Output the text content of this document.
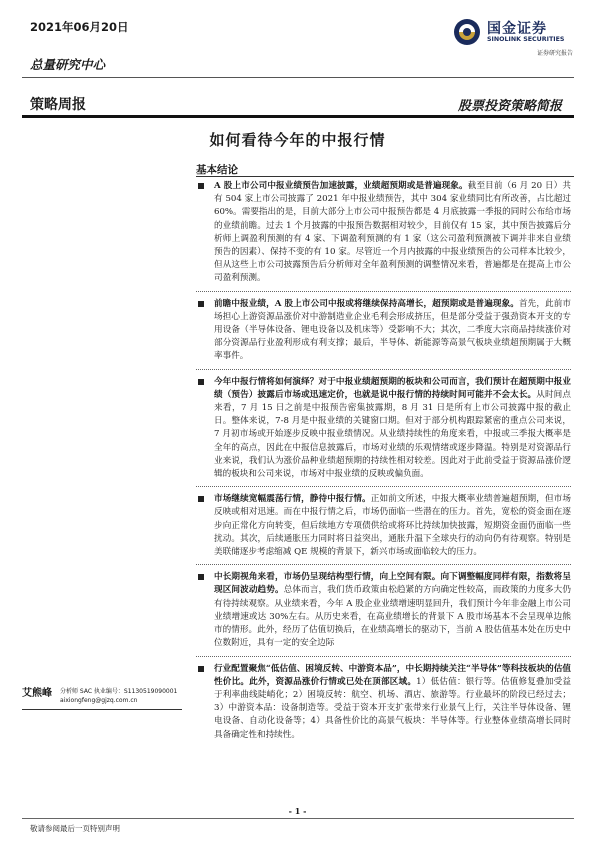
2021年06月20日
总量研究中心
国金证券
SINOLINK SECURITIES
证券研究报告
策略周报	股票投资策略简报
如何看待今年的中报行情
基本结论
A 股上市公司中报业绩预告加速披露，业绩超预期或是普遍现象。截至目前（6 月 20 日）共有 504 家上市公司披露了 2021 年中报业绩预告，其中 304 家业绩同比有所改善，占比超过 60%。需要指出的是，目前大部分上市公司中报预告都是 4 月底披露一季报的同时公布给市场的业绩前瞻。过去 1 个月披露的中报预告数据相对较少，目前仅有 15 家，其中预告披露后分析师上调盈利预测的有 4 家、下调盈利预测的有 1 家（这公司盈利预测被下调并非来自业绩预告的因素）、保持不变的有 10 家。尽管近一个月内披露的中报业绩预告的公司样本比较少，但从这些上市公司披露预告后分析师对全年盈利预测的调整情况来看，普遍都是在提高上市公司盈利预测。
前瞻中报业绩，A 股上市公司中报或将继续保持高增长，超预期或是普遍现象。首先，此前市场担心上游资源品涨价对中游制造业企业毛利会形成挤压，但是部分受益于强劲资本开支的专用设备（半导体设备、锂电设备以及机床等）受影响不大；其次，二季度大宗商品持续涨价对部分资源品行业盈利形成有利支撑；最后，半导体、新能源等高景气板块业绩超预期属于大概率事件。
今年中报行情将如何演绎？对于中报业绩超预期的板块和公司而言，我们预计在超预期中报业绩（预告）披露后市场或迅速定价，也就是说中报行情的持续时间可能并不会太长。从时间点来看，7 月 15 日之前是中报预告密集披露期，8 月 31 日是所有上市公司披露中报的截止日。整体来说，7-8 月是中报业绩的关键窗口期。但对于部分机构跟踪紧密的重点公司来说，7 月初市场或开始逐步反映中报业绩情况。从业绩持续性的角度来看，中报或三季报大概率是全年的高点，因此在中报信息披露后，市场对业绩的乐观情绪或逐步降温。特别是对资源品行业来说，我们认为涨价品种业绩超预期的持续性相对较差。因此对于此前受益于资源品涨价逻辑的板块和公司来说，市场对中报业绩的反映或偏负面。
市场继续宽幅震荡行情，静待中报行情。正如前文所述，中报大概率业绩普遍超预期，但市场反映或相对迅速。而在中报行情之后，市场仍面临一些潜在的压力。首先，宽松的资金面在逐步向正常化方向转变，但后续地方专项债供给或将环比持续加快披露，短期资金面仍面临一些扰动。其次，后续通胀压力同时将日益突出，通胀升温下全球央行的动向仍有待观察。特别是美联储逐步考虑缩减 QE 规模的背景下，新兴市场或面临较大的压力。
中长期视角来看，市场仍呈现结构型行情，向上空间有限。向下调整幅度同样有限，指数将呈现区间波动趋势。总体而言，我们货币政策由松趋紧的方向确定性较高，而政策的力度多大仍有待持续观察。从业绩来看，今年 A 股企业业绩增速明显回升，我们预计今年非金融上市公司业绩增速或达 30%左右。从历史来看，在高业绩增长的背景下 A 股市场基本不会呈现单边熊市的情形。此外，经历了估值切换后，在业绩高增长的驱动下，当前 A 股估值基本处在历史中位数附近，具有一定的安全边际
行业配置聚焦“低估值、困境反转、中游资本品”，中长期持续关注“半导体”等科技板块的估值性价比。此外，资源品涨价行情或已处在顶部区域。1）低估值：银行等。估值修复叠加受益于利率曲线陡峭化；2）困境反转：航空、机场、酒店、旅游等。行业最坏的阶段已经过去；3）中游资本品：设备制造等。受益于资本开支扩张带来行业景气上行，关注半导体设备、锂电设备、自动化设备等；4）具备性价比的高景气板块：半导体等。行业整体业绩高增长同时具备确定性和持续性。
艾熊峰 分析师 SAC 执业编号：S1130519090001
aixiongfeng@gjzq.com.cn
- 1 -
敬请参阅最后一页特别声明
